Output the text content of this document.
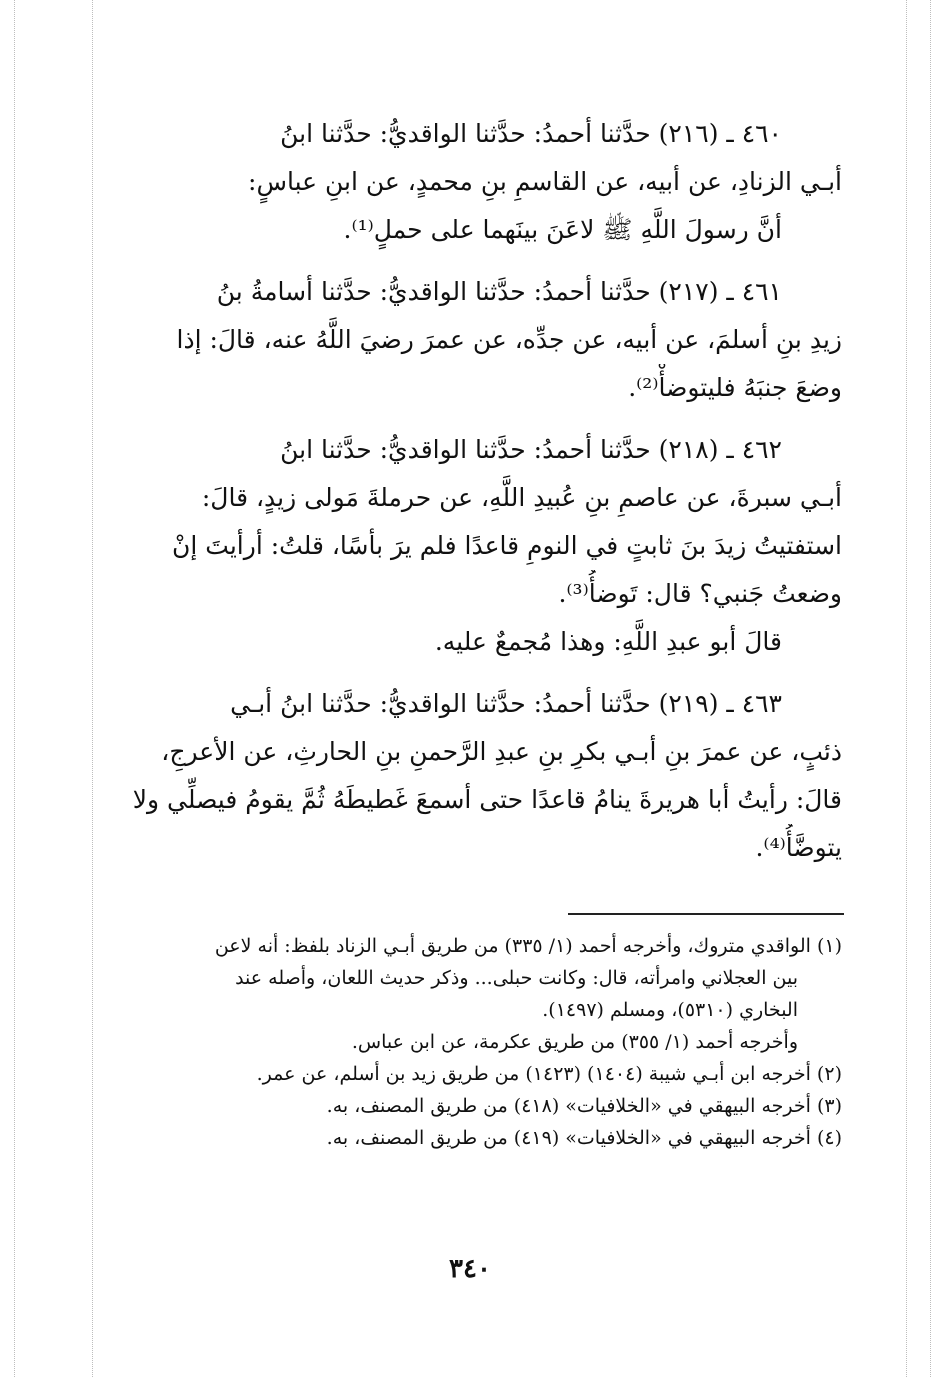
٤٦٠ ـ (٢١٦) حدَّثنا أحمدُ: حدَّثنا الواقديُّ: حدَّثنا ابنُ
أبـي الزنادِ، عن أبيه، عن القاسمِ بنِ محمدٍ، عن ابنِ عباسٍ:
أنَّ رسولَ اللَّهِ ﷺ لاعَنَ بينَهما على حملٍ⁽¹⁾.
٤٦١ ـ (٢١٧) حدَّثنا أحمدُ: حدَّثنا الواقديُّ: حدَّثنا أسامةُ بنُ
زيدِ بنِ أسلمَ، عن أبيه، عن جدِّه، عن عمرَ رضيَ اللَّهُ عنه، قالَ: إذا
وضعَ جنبَهُ فليتوضأْ⁽²⁾.
٤٦٢ ـ (٢١٨) حدَّثنا أحمدُ: حدَّثنا الواقديُّ: حدَّثنا ابنُ
أبـي سبرةَ، عن عاصمِ بنِ عُبيدِ اللَّهِ، عن حرملةَ مَولى زيدٍ، قالَ:
استفتيتُ زيدَ بنَ ثابتٍ في النومِ قاعدًا فلم يرَ بأسًا، قلتُ: أرأيتَ إنْ
وضعتُ جَنبي؟ قال: تَوضأُ⁽³⁾.
قالَ أبو عبدِ اللَّهِ: وهذا مُجمعٌ عليه.
٤٦٣ ـ (٢١٩) حدَّثنا أحمدُ: حدَّثنا الواقديُّ: حدَّثنا ابنُ أبـي
ذئبٍ، عن عمرَ بنِ أبـي بكرِ بنِ عبدِ الرَّحمنِ بنِ الحارثِ، عن الأعرجِ،
قالَ: رأيتُ أبا هريرةَ ينامُ قاعدًا حتى أسمعَ غَطيطَهُ ثُمَّ يقومُ فيصلِّي ولا
يتوضَّأُ⁽⁴⁾.
(١) الواقدي متروك، وأخرجه أحمد (١/ ٣٣٥) من طريق أبـي الزناد بلفظ: أنه لاعن
بين العجلاني وامرأته، قال: وكانت حبلى... وذكر حديث اللعان، وأصله عند
البخاري (٥٣١٠)، ومسلم (١٤٩٧).
وأخرجه أحمد (١/ ٣٥٥) من طريق عكرمة، عن ابن عباس.
(٢) أخرجه ابن أبـي شيبة (١٤٠٤) (١٤٢٣) من طريق زيد بن أسلم، عن عمر.
(٣) أخرجه البيهقي في «الخلافيات» (٤١٨) من طريق المصنف، به.
(٤) أخرجه البيهقي في «الخلافيات» (٤١٩) من طريق المصنف، به.
٣٤٠
